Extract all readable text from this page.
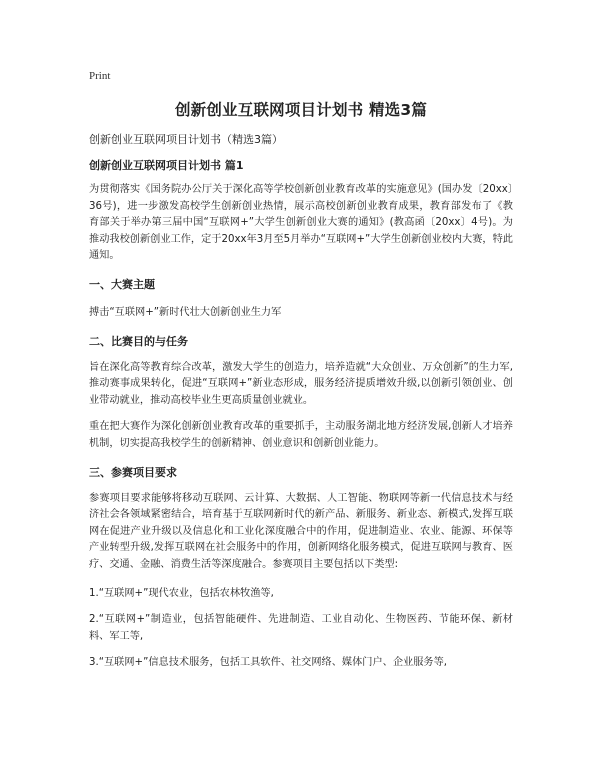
Print
创新创业互联网项目计划书 精选3篇
创新创业互联网项目计划书（精选3篇）
创新创业互联网项目计划书 篇1
为贯彻落实《国务院办公厅关于深化高等学校创新创业教育改革的实施意见》(国办发〔20xx〕36号)，进一步激发高校学生创新创业热情，展示高校创新创业教育成果，教育部发布了《教育部关于举办第三届中国“互联网+”大学生创新创业大赛的通知》(教高函〔20xx〕4号)。为推动我校创新创业工作，定于20xx年3月至5月举办“互联网+”大学生创新创业校内大赛，特此通知。
一、大赛主题
搏击“互联网+”新时代壮大创新创业生力军
二、比赛目的与任务
旨在深化高等教育综合改革，激发大学生的创造力，培养造就“大众创业、万众创新”的生力军,推动赛事成果转化，促进“互联网+”新业态形成，服务经济提质增效升级,以创新引领创业、创业带动就业，推动高校毕业生更高质量创业就业。
重在把大赛作为深化创新创业教育改革的重要抓手，主动服务湖北地方经济发展,创新人才培养机制，切实提高我校学生的创新精神、创业意识和创新创业能力。
三、参赛项目要求
参赛项目要求能够将移动互联网、云计算、大数据、人工智能、物联网等新一代信息技术与经济社会各领域紧密结合，培育基于互联网新时代的新产品、新服务、新业态、新模式,发挥互联网在促进产业升级以及信息化和工业化深度融合中的作用，促进制造业、农业、能源、环保等产业转型升级,发挥互联网在社会服务中的作用，创新网络化服务模式，促进互联网与教育、医疗、交通、金融、消费生活等深度融合。参赛项目主要包括以下类型:
1.“互联网+”现代农业，包括农林牧渔等,
2.“互联网+”制造业，包括智能硬件、先进制造、工业自动化、生物医药、节能环保、新材料、军工等,
3.“互联网+”信息技术服务，包括工具软件、社交网络、媒体门户、企业服务等,
